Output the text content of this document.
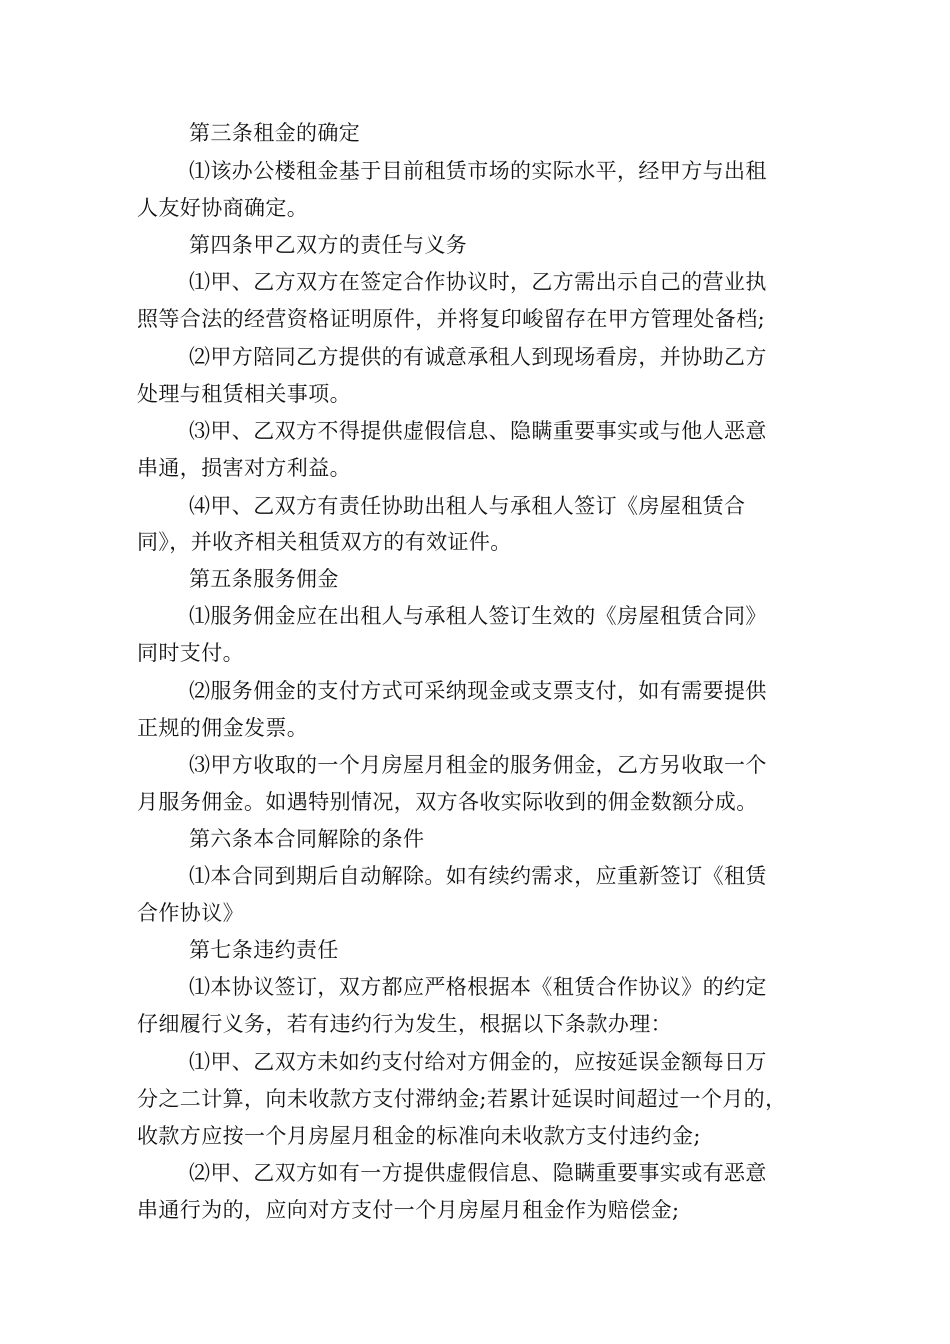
第三条租金的确定
⑴该办公楼租金基于目前租赁市场的实际水平，经甲方与出租
人友好协商确定。
第四条甲乙双方的责任与义务
⑴甲、乙方双方在签定合作协议时，乙方需出示自己的营业执
照等合法的经营资格证明原件，并将复印峻留存在甲方管理处备档;
⑵甲方陪同乙方提供的有诚意承租人到现场看房，并协助乙方
处理与租赁相关事项。
⑶甲、乙双方不得提供虚假信息、隐瞒重要事实或与他人恶意
串通，损害对方利益。
⑷甲、乙双方有责任协助出租人与承租人签订《房屋租赁合
同》，并收齐相关租赁双方的有效证件。
第五条服务佣金
⑴服务佣金应在出租人与承租人签订生效的《房屋租赁合同》
同时支付。
⑵服务佣金的支付方式可采纳现金或支票支付，如有需要提供
正规的佣金发票。
⑶甲方收取的一个月房屋月租金的服务佣金，乙方另收取一个
月服务佣金。如遇特别情况，双方各收实际收到的佣金数额分成。
第六条本合同解除的条件
⑴本合同到期后自动解除。如有续约需求，应重新签订《租赁
合作协议》
第七条违约责任
⑴本协议签订，双方都应严格根据本《租赁合作协议》的约定
仔细履行义务，若有违约行为发生，根据以下条款办理：
⑴甲、乙双方未如约支付给对方佣金的，应按延误金额每日万
分之二计算，向未收款方支付滞纳金;若累计延误时间超过一个月的，
收款方应按一个月房屋月租金的标准向未收款方支付违约金;
⑵甲、乙双方如有一方提供虚假信息、隐瞒重要事实或有恶意
串通行为的，应向对方支付一个月房屋月租金作为赔偿金;
